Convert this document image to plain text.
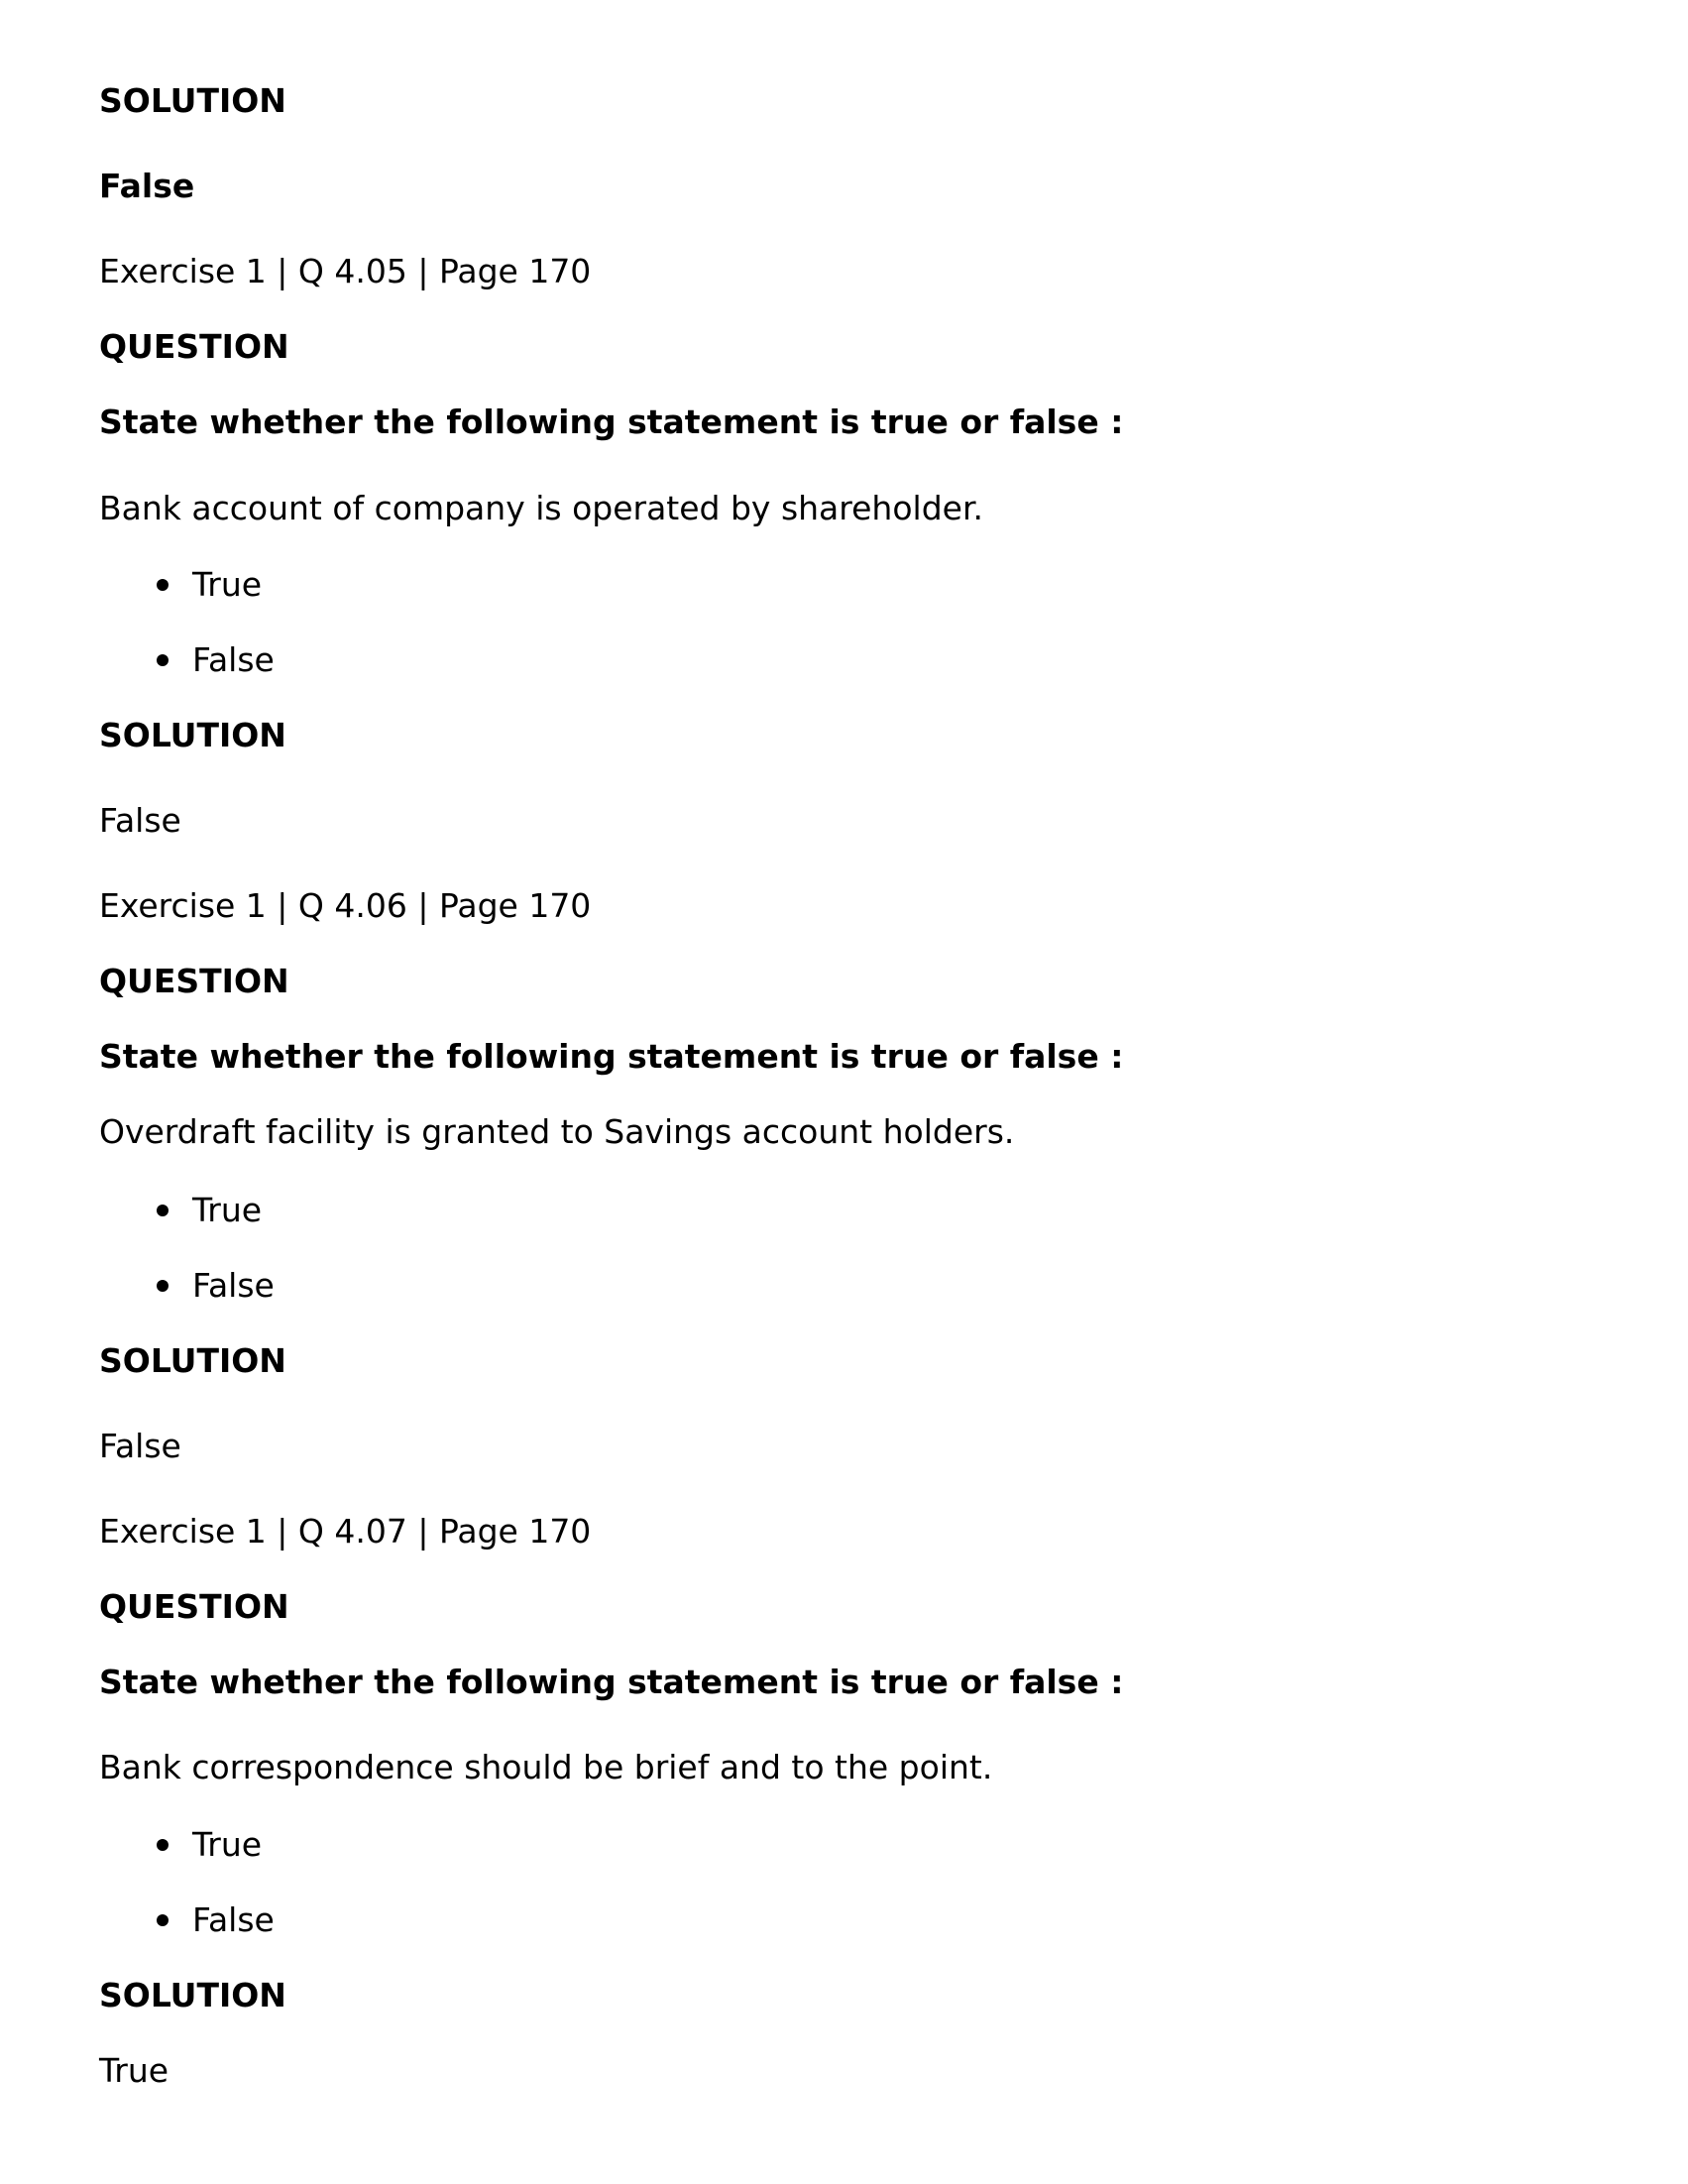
SOLUTION
False
Exercise 1 | Q 4.05 | Page 170
QUESTION
State whether the following statement is true or false :
Bank account of company is operated by shareholder.
True
False
SOLUTION
False
Exercise 1 | Q 4.06 | Page 170
QUESTION
State whether the following statement is true or false :
Overdraft facility is granted to Savings account holders.
True
False
SOLUTION
False
Exercise 1 | Q 4.07 | Page 170
QUESTION
State whether the following statement is true or false :
Bank correspondence should be brief and to the point.
True
False
SOLUTION
True
